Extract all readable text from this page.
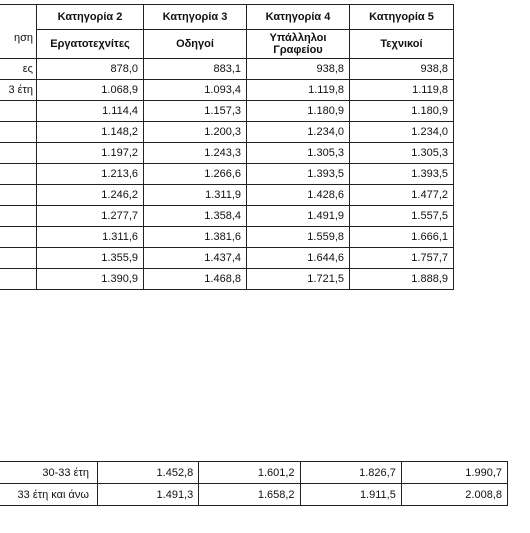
ηση	Κατηγορία 2	Κατηγορία 3	Κατηγορία 4	Κατηγορία 5
	Εργατοτεχνίτες	Οδηγοί	Υπάλληλοι Γραφείου	Τεχνικοί
ες	878,0	883,1	938,8	938,8
3 έτη	1.068,9	1.093,4	1.119,8	1.119,8
	1.114,4	1.157,3	1.180,9	1.180,9
	1.148,2	1.200,3	1.234,0	1.234,0
	1.197,2	1.243,3	1.305,3	1.305,3
	1.213,6	1.266,6	1.393,5	1.393,5
	1.246,2	1.311,9	1.428,6	1.477,2
	1.277,7	1.358,4	1.491,9	1.557,5
	1.311,6	1.381,6	1.559,8	1.666,1
	1.355,9	1.437,4	1.644,6	1.757,7
	1.390,9	1.468,8	1.721,5	1.888,9
30-33 έτη	1.452,8	1.601,2	1.826,7	1.990,7
33 έτη και άνω	1.491,3	1.658,2	1.911,5	2.008,8
